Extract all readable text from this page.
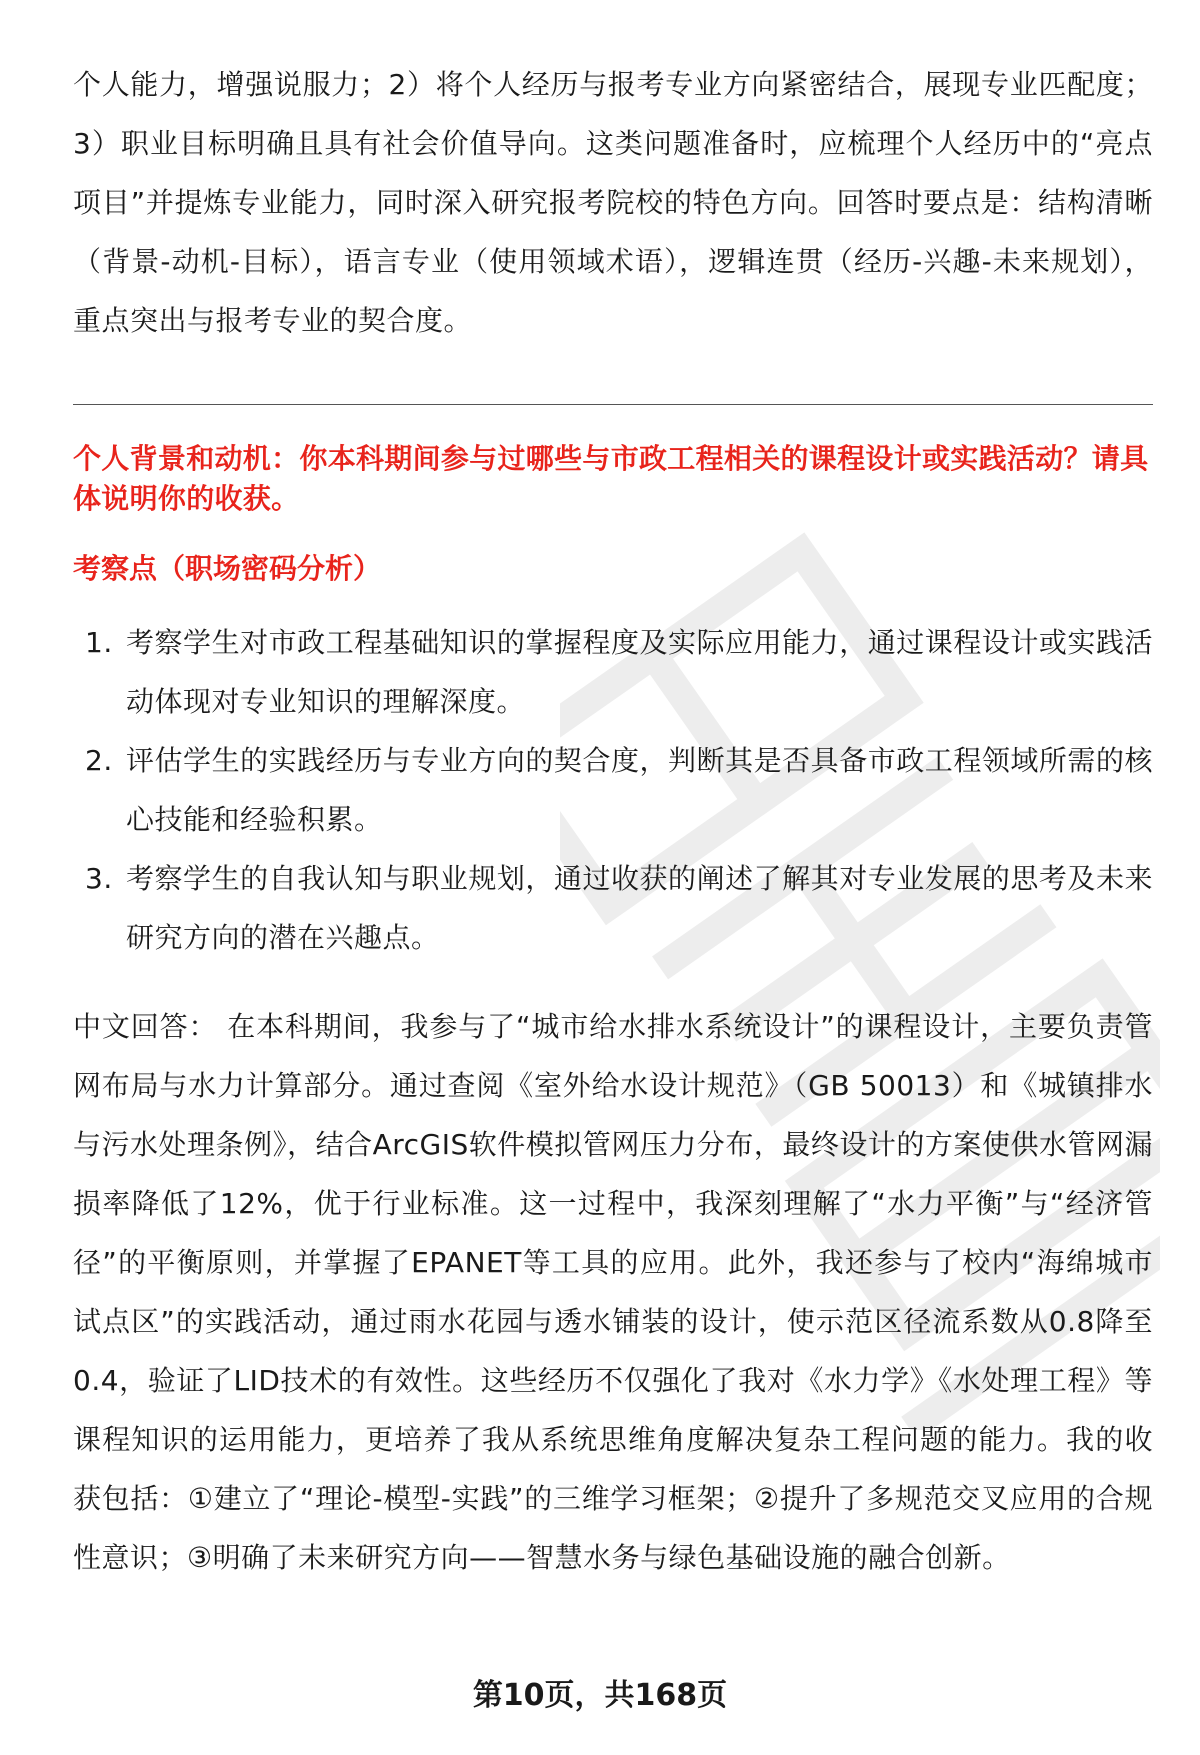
个人能力，增强说服力；2）将个人经历与报考专业方向紧密结合，展现专业匹配度；3）职业目标明确且具有社会价值导向。这类问题准备时，应梳理个人经历中的“亮点项目”并提炼专业能力，同时深入研究报考院校的特色方向。回答时要点是：结构清晰（背景-动机-目标），语言专业（使用领域术语），逻辑连贯（经历-兴趣-未来规划），重点突出与报考专业的契合度。

个人背景和动机：你本科期间参与过哪些与市政工程相关的课程设计或实践活动？请具体说明你的收获。

考察点（职场密码分析）

1. 考察学生对市政工程基础知识的掌握程度及实际应用能力，通过课程设计或实践活动体现对专业知识的理解深度。
2. 评估学生的实践经历与专业方向的契合度，判断其是否具备市政工程领域所需的核心技能和经验积累。
3. 考察学生的自我认知与职业规划，通过收获的阐述了解其对专业发展的思考及未来研究方向的潜在兴趣点。

中文回答： 在本科期间，我参与了“城市给水排水系统设计”的课程设计，主要负责管网布局与水力计算部分。通过查阅《室外给水设计规范》（GB 50013）和《城镇排水与污水处理条例》，结合ArcGIS软件模拟管网压力分布，最终设计的方案使供水管网漏损率降低了12%，优于行业标准。这一过程中，我深刻理解了“水力平衡”与“经济管径”的平衡原则，并掌握了EPANET等工具的应用。此外，我还参与了校内“海绵城市试点区”的实践活动，通过雨水花园与透水铺装的设计，使示范区径流系数从0.8降至0.4，验证了LID技术的有效性。这些经历不仅强化了我对《水力学》《水处理工程》等课程知识的运用能力，更培养了我从系统思维角度解决复杂工程问题的能力。我的收获包括：①建立了“理论-模型-实践”的三维学习框架；②提升了多规范交叉应用的合规性意识；③明确了未来研究方向——智慧水务与绿色基础设施的融合创新。

第10页，共168页
